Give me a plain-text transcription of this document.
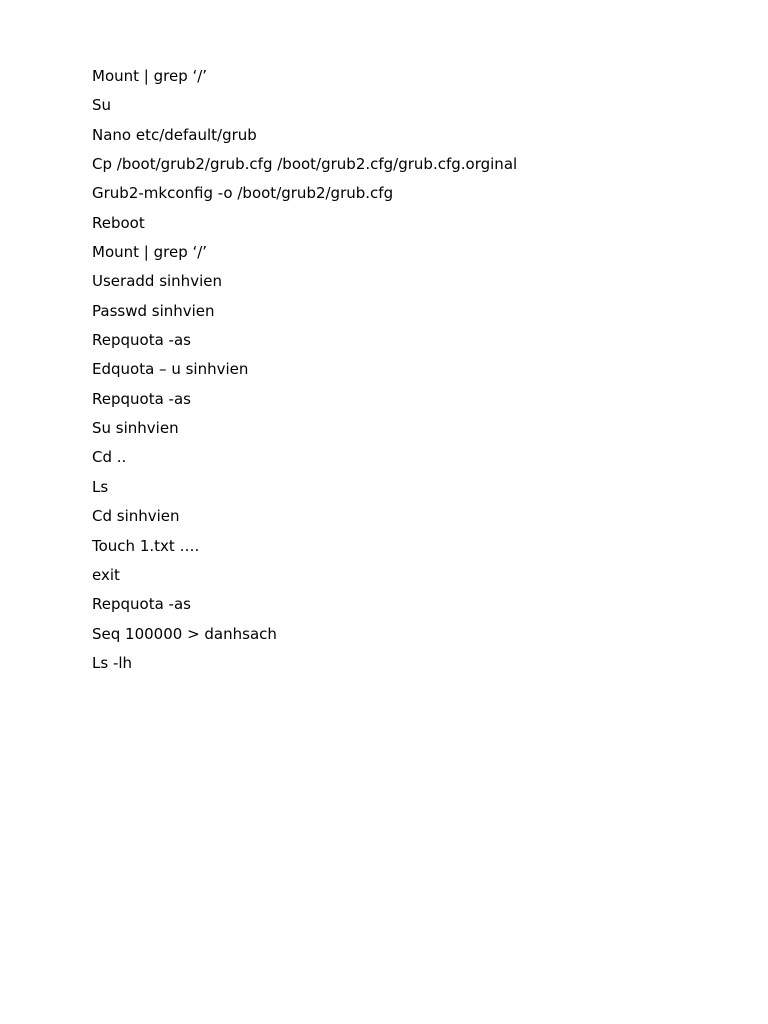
Mount | grep ‘/’
Su
Nano etc/default/grub
Cp /boot/grub2/grub.cfg /boot/grub2.cfg/grub.cfg.orginal
Grub2-mkconfig -o /boot/grub2/grub.cfg
Reboot
Mount | grep ‘/’
Useradd sinhvien
Passwd sinhvien
Repquota -as
Edquota – u sinhvien
Repquota -as
Su sinhvien
Cd ..
Ls
Cd sinhvien
Touch 1.txt ….
exit
Repquota -as
Seq 100000 > danhsach
Ls -lh
